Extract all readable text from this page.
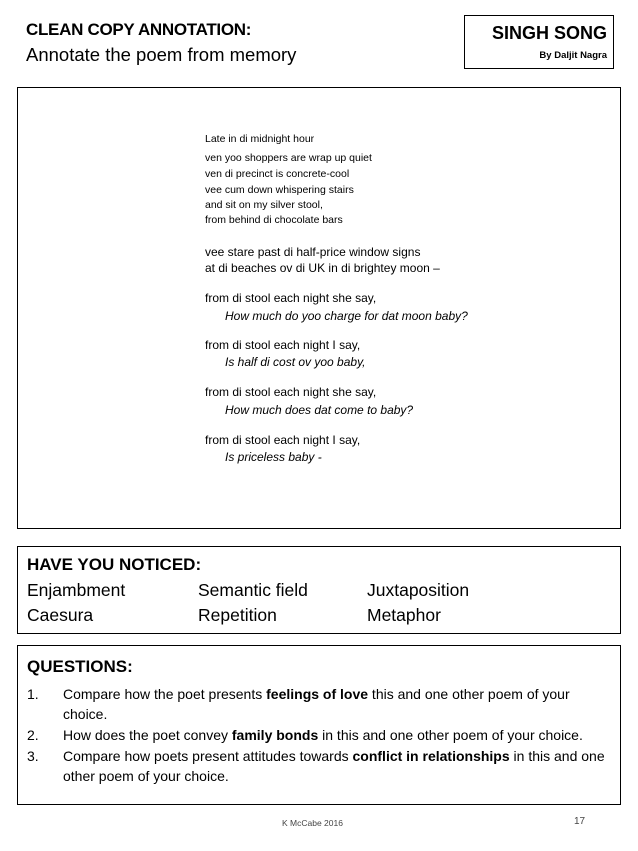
CLEAN COPY ANNOTATION:
Annotate the poem from memory
SINGH SONG
By Daljit Nagra
Late in di midnight hour
ven yoo shoppers are wrap up quiet
ven di precinct is concrete-cool
vee cum down whispering stairs
and sit on my silver stool,
from behind di chocolate bars
vee stare past di half-price window signs
at di beaches ov di UK in di brightey moon –
from di stool each night she say,
How much do yoo charge for dat moon baby?
from di stool each night I say,
Is half di cost ov yoo baby,
from di stool each night she say,
How much does dat come to baby?
from di stool each night I say,
Is priceless baby -
HAVE YOU NOTICED:
Enjambment	Semantic field	Juxtaposition
Caesura	Repetition	Metaphor
QUESTIONS:
1.	Compare how the poet presents feelings of love this and one other poem of your choice.
2.	How does the poet convey family bonds in this and one other poem of your choice.
3.	Compare how poets present attitudes towards conflict in relationships in this and one other poem of your choice.
K McCabe 2016	17
